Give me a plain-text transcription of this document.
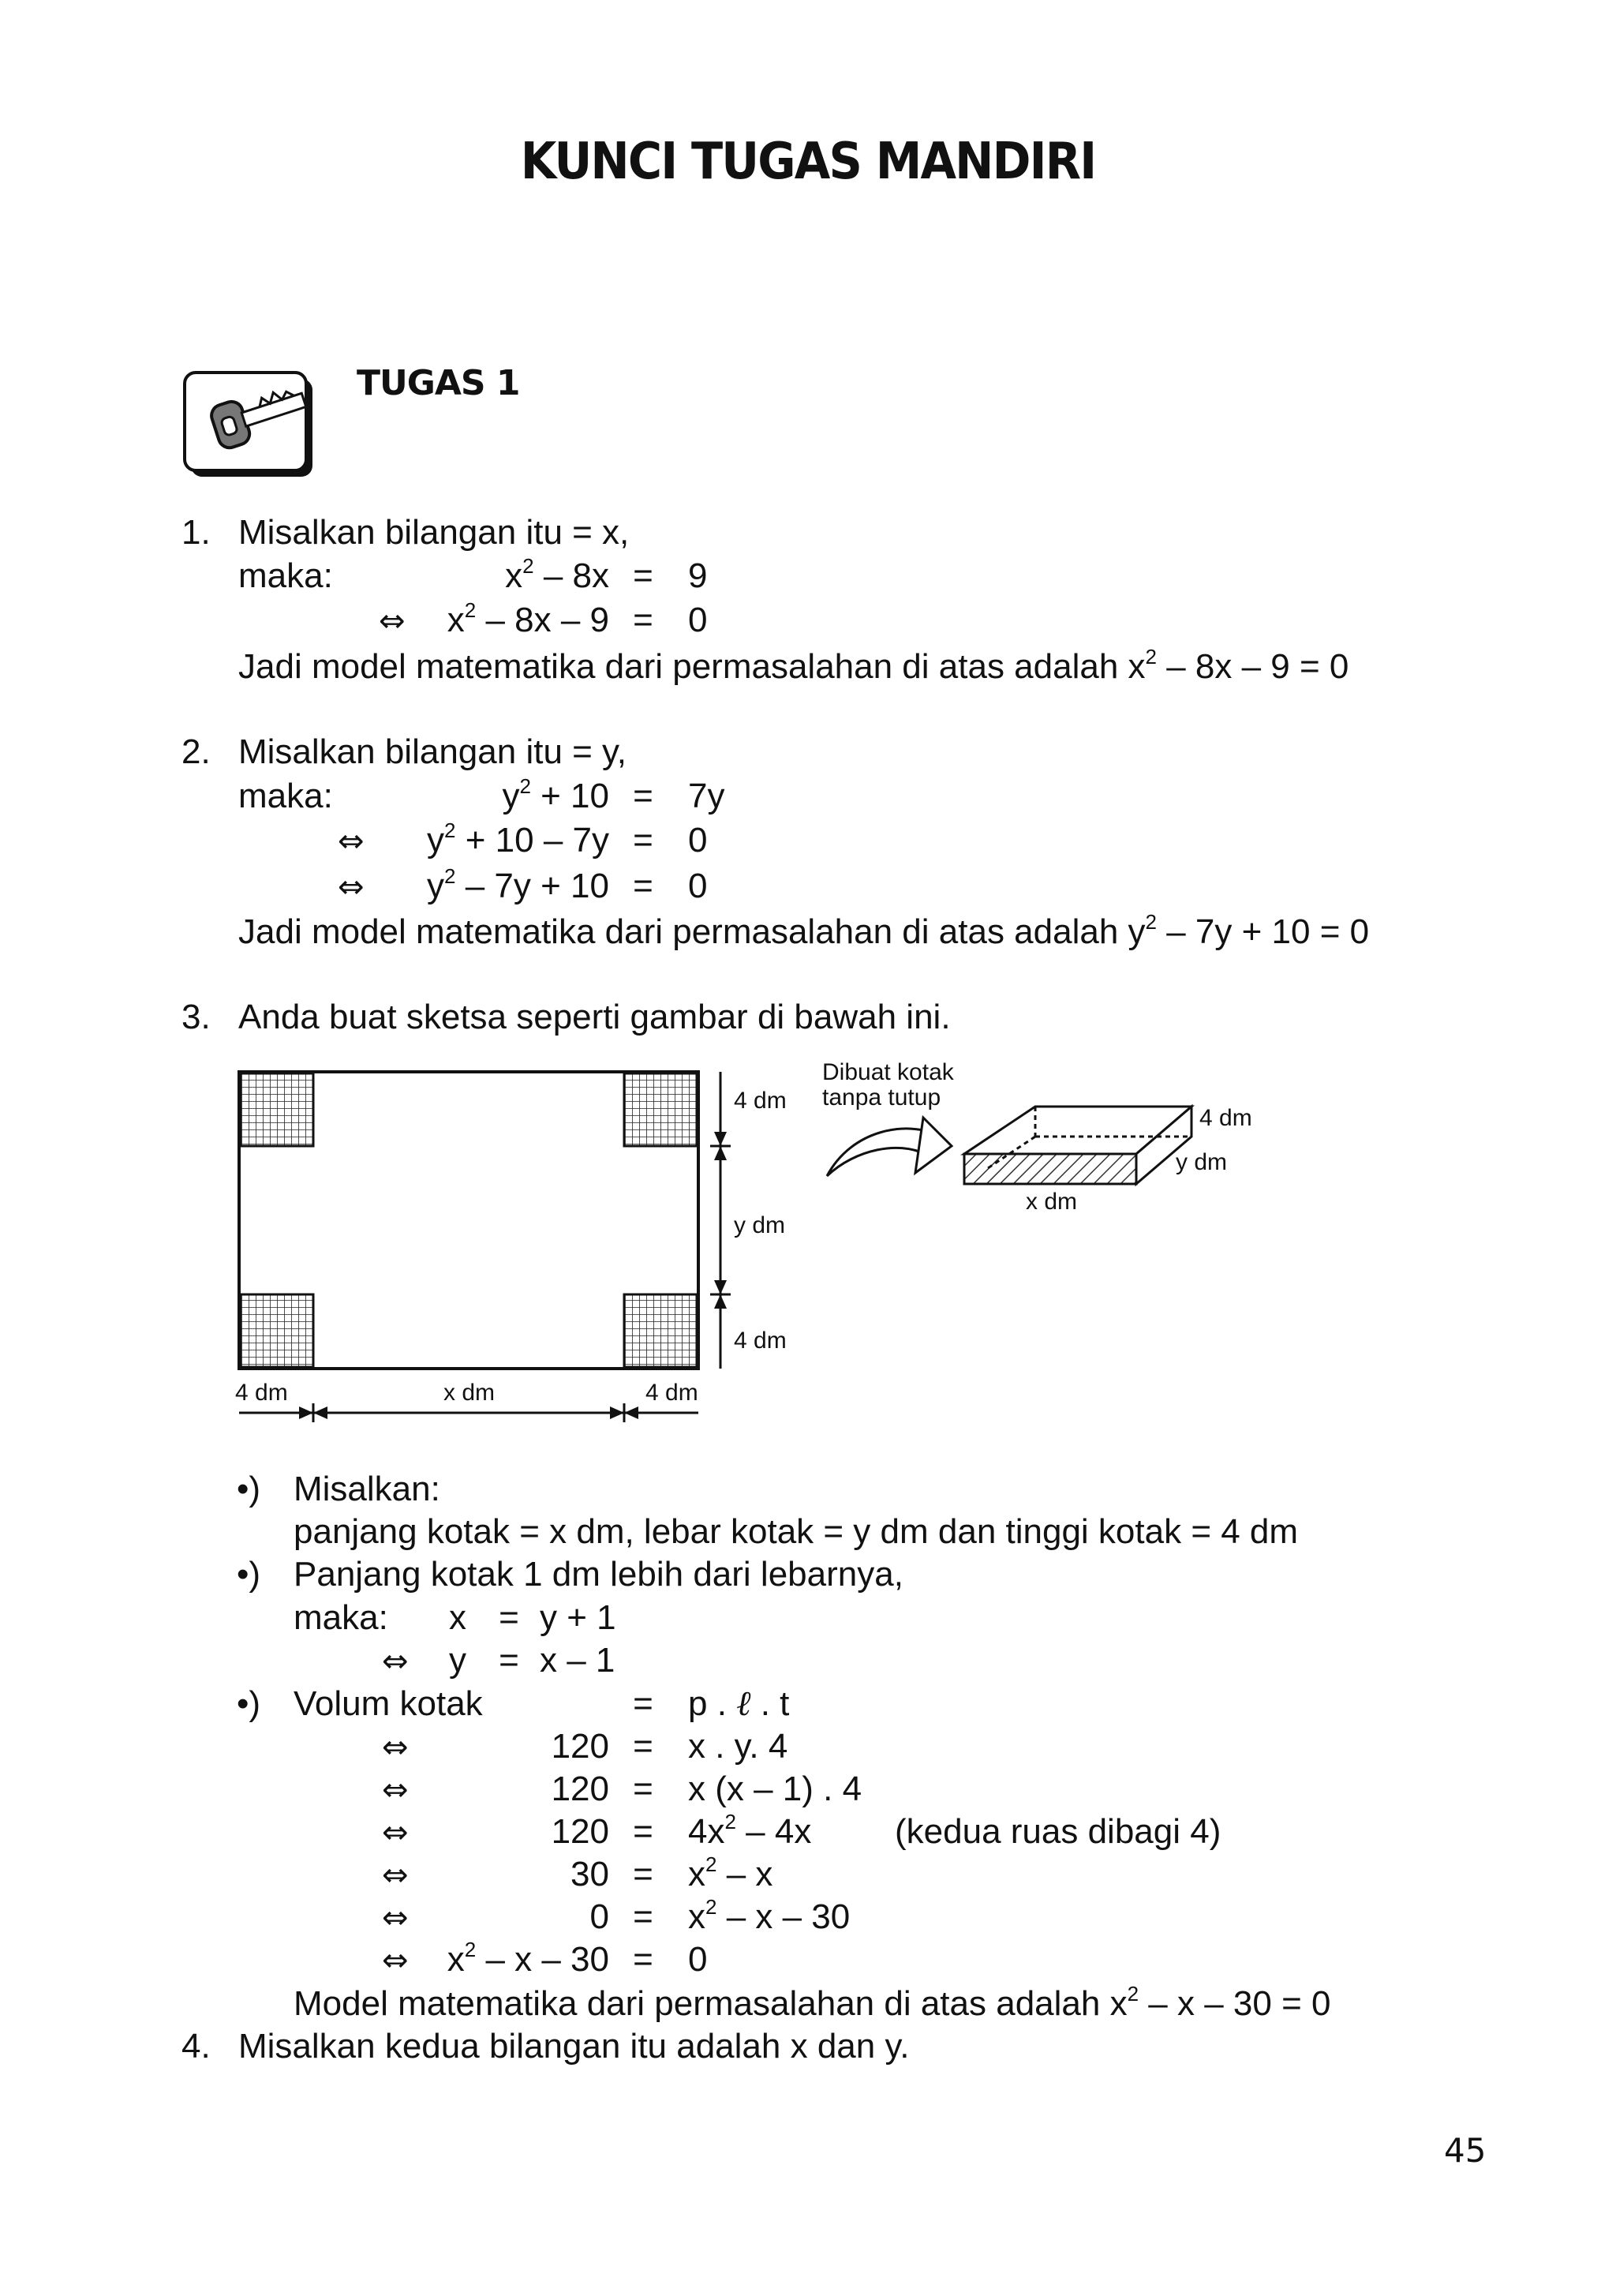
KUNCI TUGAS MANDIRI
TUGAS 1
1. Misalkan bilangan itu = x,
maka:	$x^2 - 8x = 9$
⇔	$x^2 - 8x - 9 = 0$
Jadi model matematika dari permasalahan di atas adalah $x^2 - 8x - 9 = 0$
2. Misalkan bilangan itu = y,
maka:	$y^2 + 10 = 7y$
⇔	$y^2 + 10 - 7y = 0$
⇔	$y^2 - 7y + 10 = 0$
Jadi model matematika dari permasalahan di atas adalah $y^2 - 7y + 10 = 0$
3. Anda buat sketsa seperti gambar di bawah ini.
4 dm
y dm
4 dm
4 dm	x dm	4 dm
Dibuat kotak
tanpa tutup
4 dm
y dm
x dm
•) Misalkan:
panjang kotak = x dm, lebar kotak = y dm dan tinggi kotak = 4 dm
•) Panjang kotak 1 dm lebih dari lebarnya,
maka: x = y + 1
⇔ y = x – 1
•) Volum kotak	= p . ℓ . t
⇔	120 = x . y. 4
⇔	120 = x (x – 1) . 4
⇔	$120 = 4x^2 - 4x$ (kedua ruas dibagi 4)
⇔	$30 = x^2 - x$
⇔	$0 = x^2 - x - 30$
⇔	$x^2 - x - 30 = 0$
Model matematika dari permasalahan di atas adalah $x^2 - x - 30 = 0$
4. Misalkan kedua bilangan itu adalah x dan y.
45
